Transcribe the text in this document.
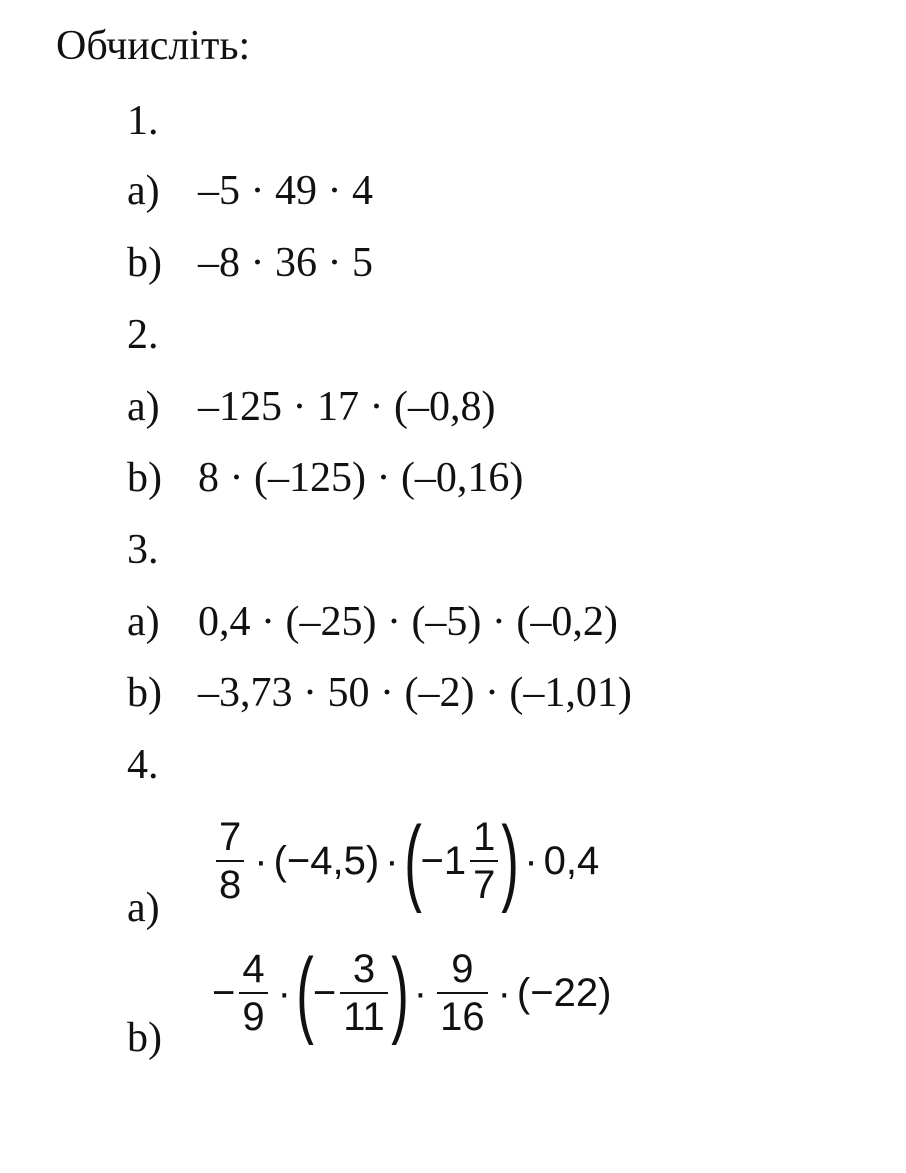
Обчисліть:
1.
a) –5 · 49 · 4
b) –8 · 36 · 5
2.
a) –125 · 17 · (–0,8)
b) 8 · (–125) · (–0,16)
3.
a) 0,4 · (–25) · (–5) · (–0,2)
b) –3,73 · 50 · (–2) · (–1,01)
4.
a)
$\frac{7}{8} \cdot (-4,5)$ · ( $-1 \frac{1}{7}$ ) · 0,4
b)
− $\frac{4}{9}$ · ( − $\frac{3}{11}$ ) · $\frac{9}{16} \cdot (-22)$
